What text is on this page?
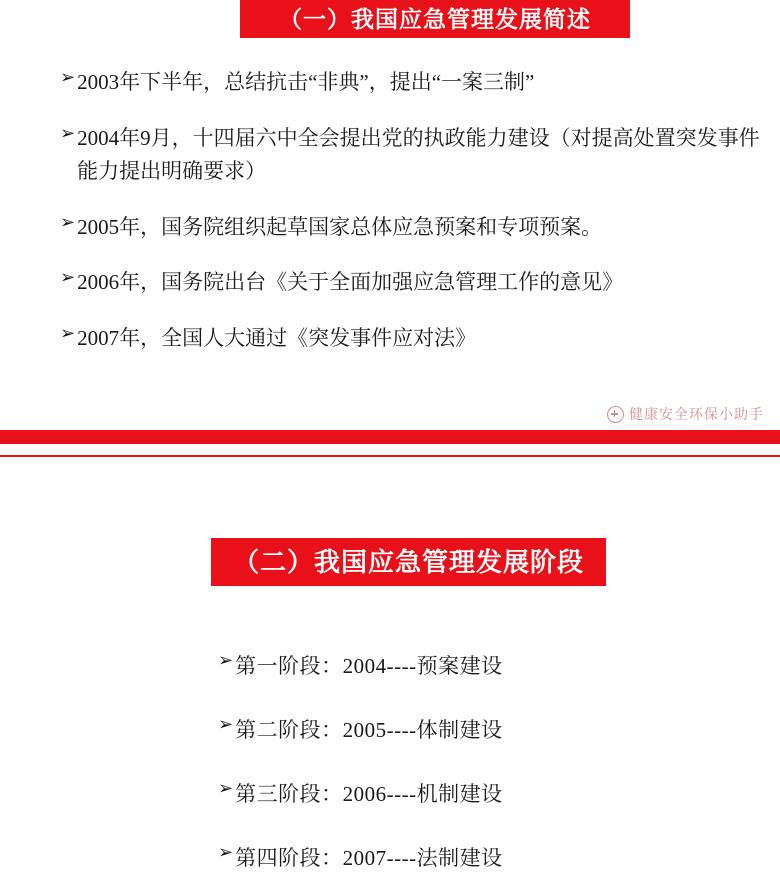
（一）我国应急管理发展简述
➢ 2003年下半年，总结抗击“非典”，提出“一案三制”
➢ 2004年9月，十四届六中全会提出党的执政能力建设（对提高处置突发事件能力提出明确要求）
➢ 2005年，国务院组织起草国家总体应急预案和专项预案。
➢ 2006年，国务院出台《关于全面加强应急管理工作的意见》
➢ 2007年，全国人大通过《突发事件应对法》
健康安全环保小助手
（二）我国应急管理发展阶段
➢ 第一阶段：2004----预案建设
➢ 第二阶段：2005----体制建设
➢ 第三阶段：2006----机制建设
➢ 第四阶段：2007----法制建设
